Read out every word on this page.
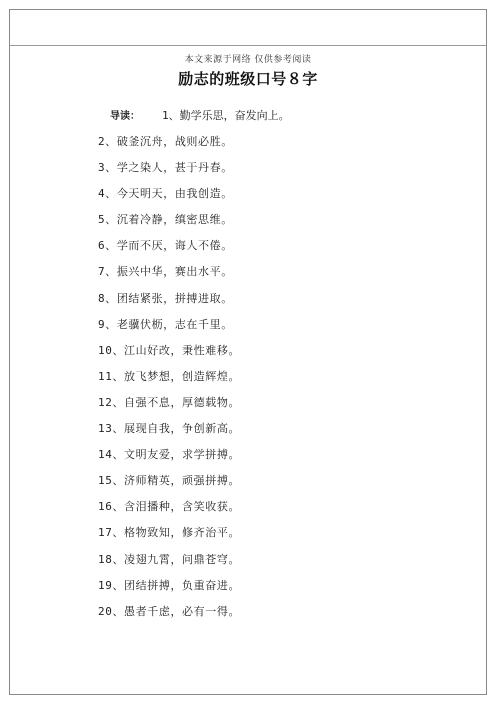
本文来源于网络 仅供参考阅读
励志的班级口号８字
导读： 1、勤学乐思，奋发向上。
2、破釜沉舟，战则必胜。
3、学之染人，甚于丹春。
4、今天明天，由我创造。
5、沉着冷静，缜密思维。
6、学而不厌，诲人不倦。
7、振兴中华，赛出水平。
8、团结紧张，拼搏进取。
9、老骥伏枥，志在千里。
10、江山好改，秉性难移。
11、放飞梦想，创造辉煌。
12、自强不息，厚德载物。
13、展现自我，争创新高。
14、文明友爱，求学拼搏。
15、济师精英，顽强拼搏。
16、含泪播种，含笑收获。
17、格物致知，修齐治平。
18、凌翅九霄，问鼎苍穹。
19、团结拼搏，负重奋进。
20、愚者千虑，必有一得。
